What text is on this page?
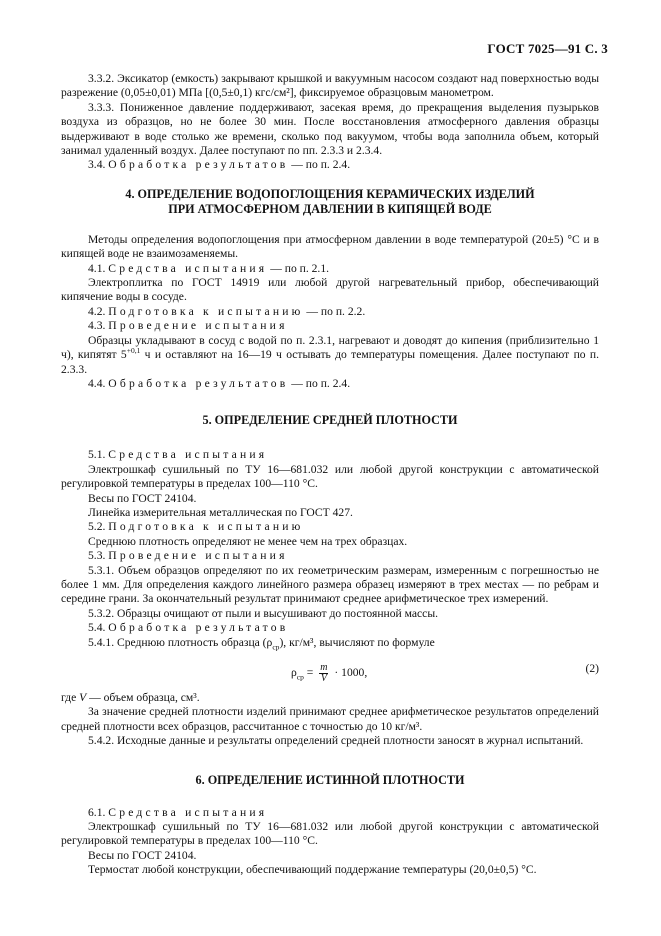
ГОСТ 7025—91 С. 3

3.3.2. Эксикатор (емкость) закрывают крышкой и вакуумным насосом создают над поверхностью воды разрежение (0,05±0,01) МПа [(0,5±0,1) кгс/см²], фиксируемое образцовым манометром.

3.3.3. Пониженное давление поддерживают, засекая время, до прекращения выделения пузырьков воздуха из образцов, но не более 30 мин. После восстановления атмосферного давления образцы выдерживают в воде столько же времени, сколько под вакуумом, чтобы вода заполнила объем, который занимал удаленный воздух. Далее поступают по пп. 2.3.3 и 2.3.4.

3.4. Обработка результатов — по п. 2.4.

4. ОПРЕДЕЛЕНИЕ ВОДОПОГЛОЩЕНИЯ КЕРАМИЧЕСКИХ ИЗДЕЛИЙ
ПРИ АТМОСФЕРНОМ ДАВЛЕНИИ В КИПЯЩЕЙ ВОДЕ

Методы определения водопоглощения при атмосферном давлении в воде температурой (20±5) °С и в кипящей воде не взаимозаменяемы.

4.1. Средства испытания — по п. 2.1.

Электроплитка по ГОСТ 14919 или любой другой нагревательный прибор, обеспечивающий кипячение воды в сосуде.

4.2. Подготовка к испытанию — по п. 2.2.

4.3. Проведение испытания

Образцы укладывают в сосуд с водой по п. 2.3.1, нагревают и доводят до кипения (приблизительно 1 ч), кипятят $5^{+0,1}$ ч и оставляют на 16—19 ч остывать до температуры помещения. Далее поступают по п. 2.3.3.

4.4. Обработка результатов — по п. 2.4.

5. ОПРЕДЕЛЕНИЕ СРЕДНЕЙ ПЛОТНОСТИ

5.1. Средства испытания

Электрошкаф сушильный по ТУ 16—681.032 или любой другой конструкции с автоматической регулировкой температуры в пределах 100—110 °С.

Весы по ГОСТ 24104.

Линейка измерительная металлическая по ГОСТ 427.

5.2. Подготовка к испытанию

Среднюю плотность определяют не менее чем на трех образцах.

5.3. Проведение испытания

5.3.1. Объем образцов определяют по их геометрическим размерам, измеренным с погрешностью не более 1 мм. Для определения каждого линейного размера образец измеряют в трех местах — по ребрам и середине грани. За окончательный результат принимают среднее арифметическое трех измерений.

5.3.2. Образцы очищают от пыли и высушивают до постоянной массы.

5.4. Обработка результатов

5.4.1. Среднюю плотность образца $(\rho_{ср})$, кг/м³, вычисляют по формуле

$\rho_{ср} = \frac{m}{V} \cdot 1000$,	(2)

где V — объем образца, см³.

За значение средней плотности изделий принимают среднее арифметическое результатов определений средней плотности всех образцов, рассчитанное с точностью до 10 кг/м³.

5.4.2. Исходные данные и результаты определений средней плотности заносят в журнал испытаний.

6. ОПРЕДЕЛЕНИЕ ИСТИННОЙ ПЛОТНОСТИ

6.1. Средства испытания

Электрошкаф сушильный по ТУ 16—681.032 или любой другой конструкции с автоматической регулировкой температуры в пределах 100—110 °С.

Весы по ГОСТ 24104.

Термостат любой конструкции, обеспечивающий поддержание температуры (20,0±0,5) °С.
